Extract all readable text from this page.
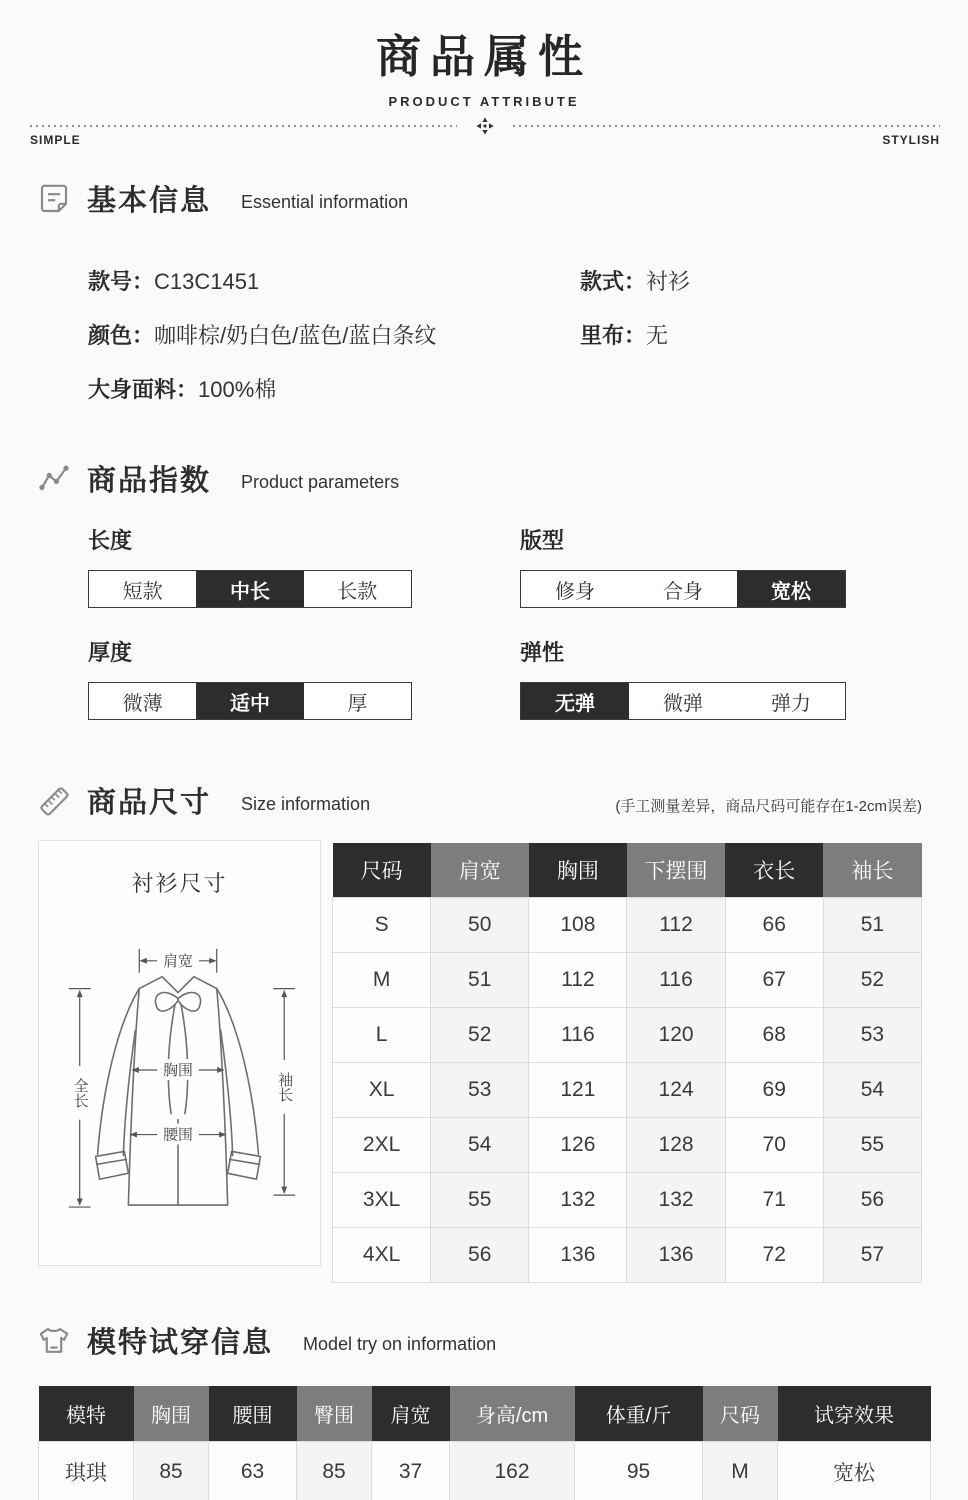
商品属性
PRODUCT ATTRIBUTE
SIMPLE	STYLISH
基本信息 Essential information
款号：C13C1451	款式：衬衫
颜色：咖啡棕/奶白色/蓝色/蓝白条纹	里布：无
大身面料：100%棉
商品指数 Product parameters
长度
短款	中长	长款
版型
修身	合身	宽松
厚度
微薄	适中	厚
弹性
无弹	微弹	弹力
商品尺寸 Size information	(手工测量差异，商品尺码可能存在1-2cm误差)
衬衫尺寸
肩宽
胸围
腰围
全长	袖长
尺码	肩宽	胸围	下摆围	衣长	袖长
S	50	108	112	66	51
M	51	112	116	67	52
L	52	116	120	68	53
XL	53	121	124	69	54
2XL	54	126	128	70	55
3XL	55	132	132	71	56
4XL	56	136	136	72	57
模特试穿信息 Model try on information
模特	胸围	腰围	臀围	肩宽	身高/cm	体重/斤	尺码	试穿效果
琪琪	85	63	85	37	162	95	M	宽松
